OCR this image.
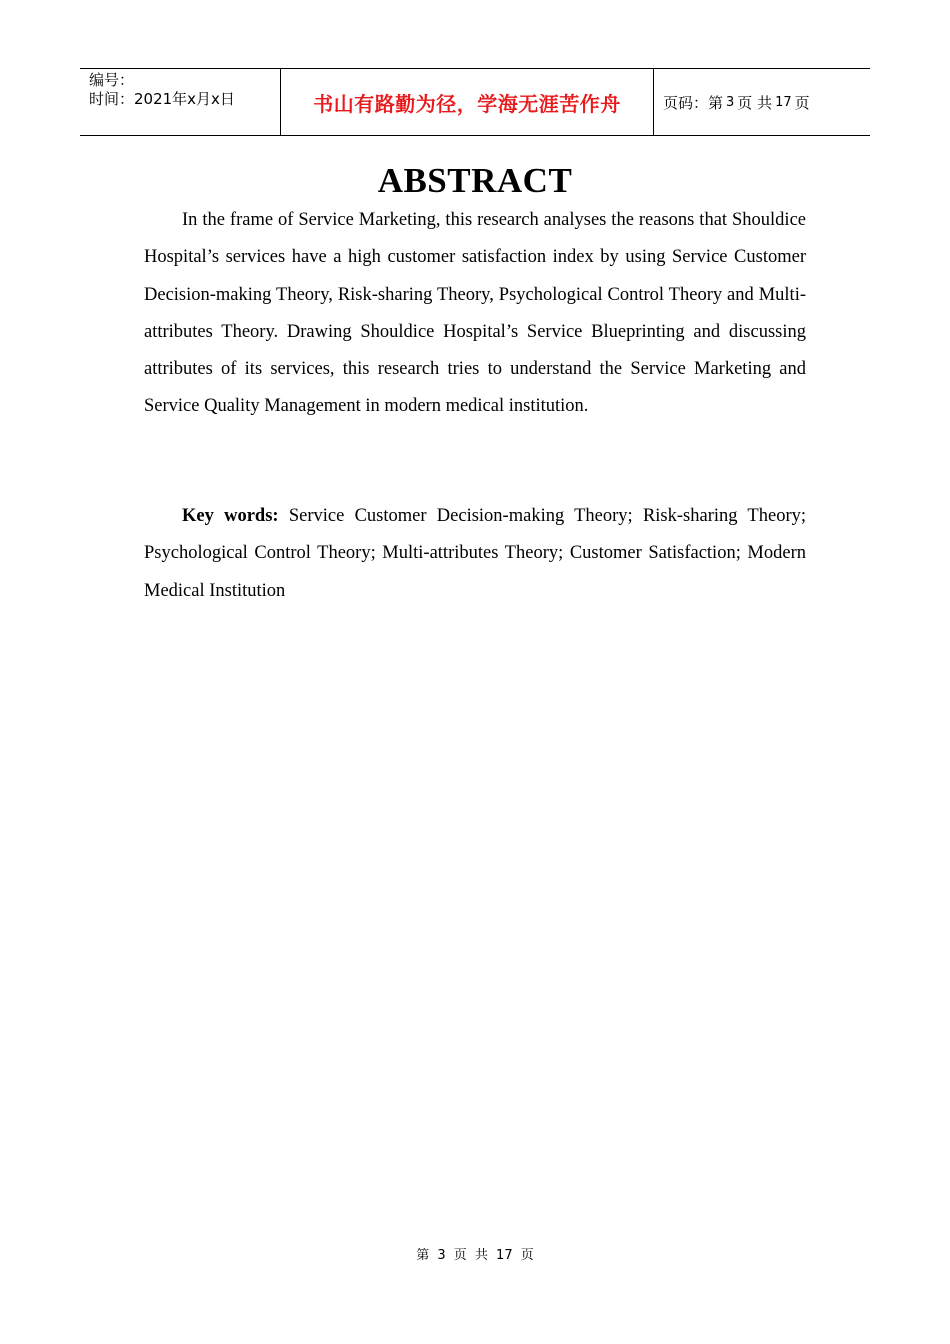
编号：
时间：2021年x月x日	书山有路勤为径，学海无涯苦作舟	页码：第 3 页 共 17 页
ABSTRACT

In the frame of Service Marketing, this research analyses the reasons that Shouldice Hospital’s services have a high customer satisfaction index by using Service Customer Decision-making Theory, Risk-sharing Theory, Psychological Control Theory and Multi-attributes Theory. Drawing Shouldice Hospital’s Service Blueprinting and discussing attributes of its services, this research tries to understand the Service Marketing and Service Quality Management in modern medical institution.

Key words: Service Customer Decision-making Theory; Risk-sharing Theory; Psychological Control Theory; Multi-attributes Theory; Customer Satisfaction; Modern Medical Institution

第 3 页 共 17 页
